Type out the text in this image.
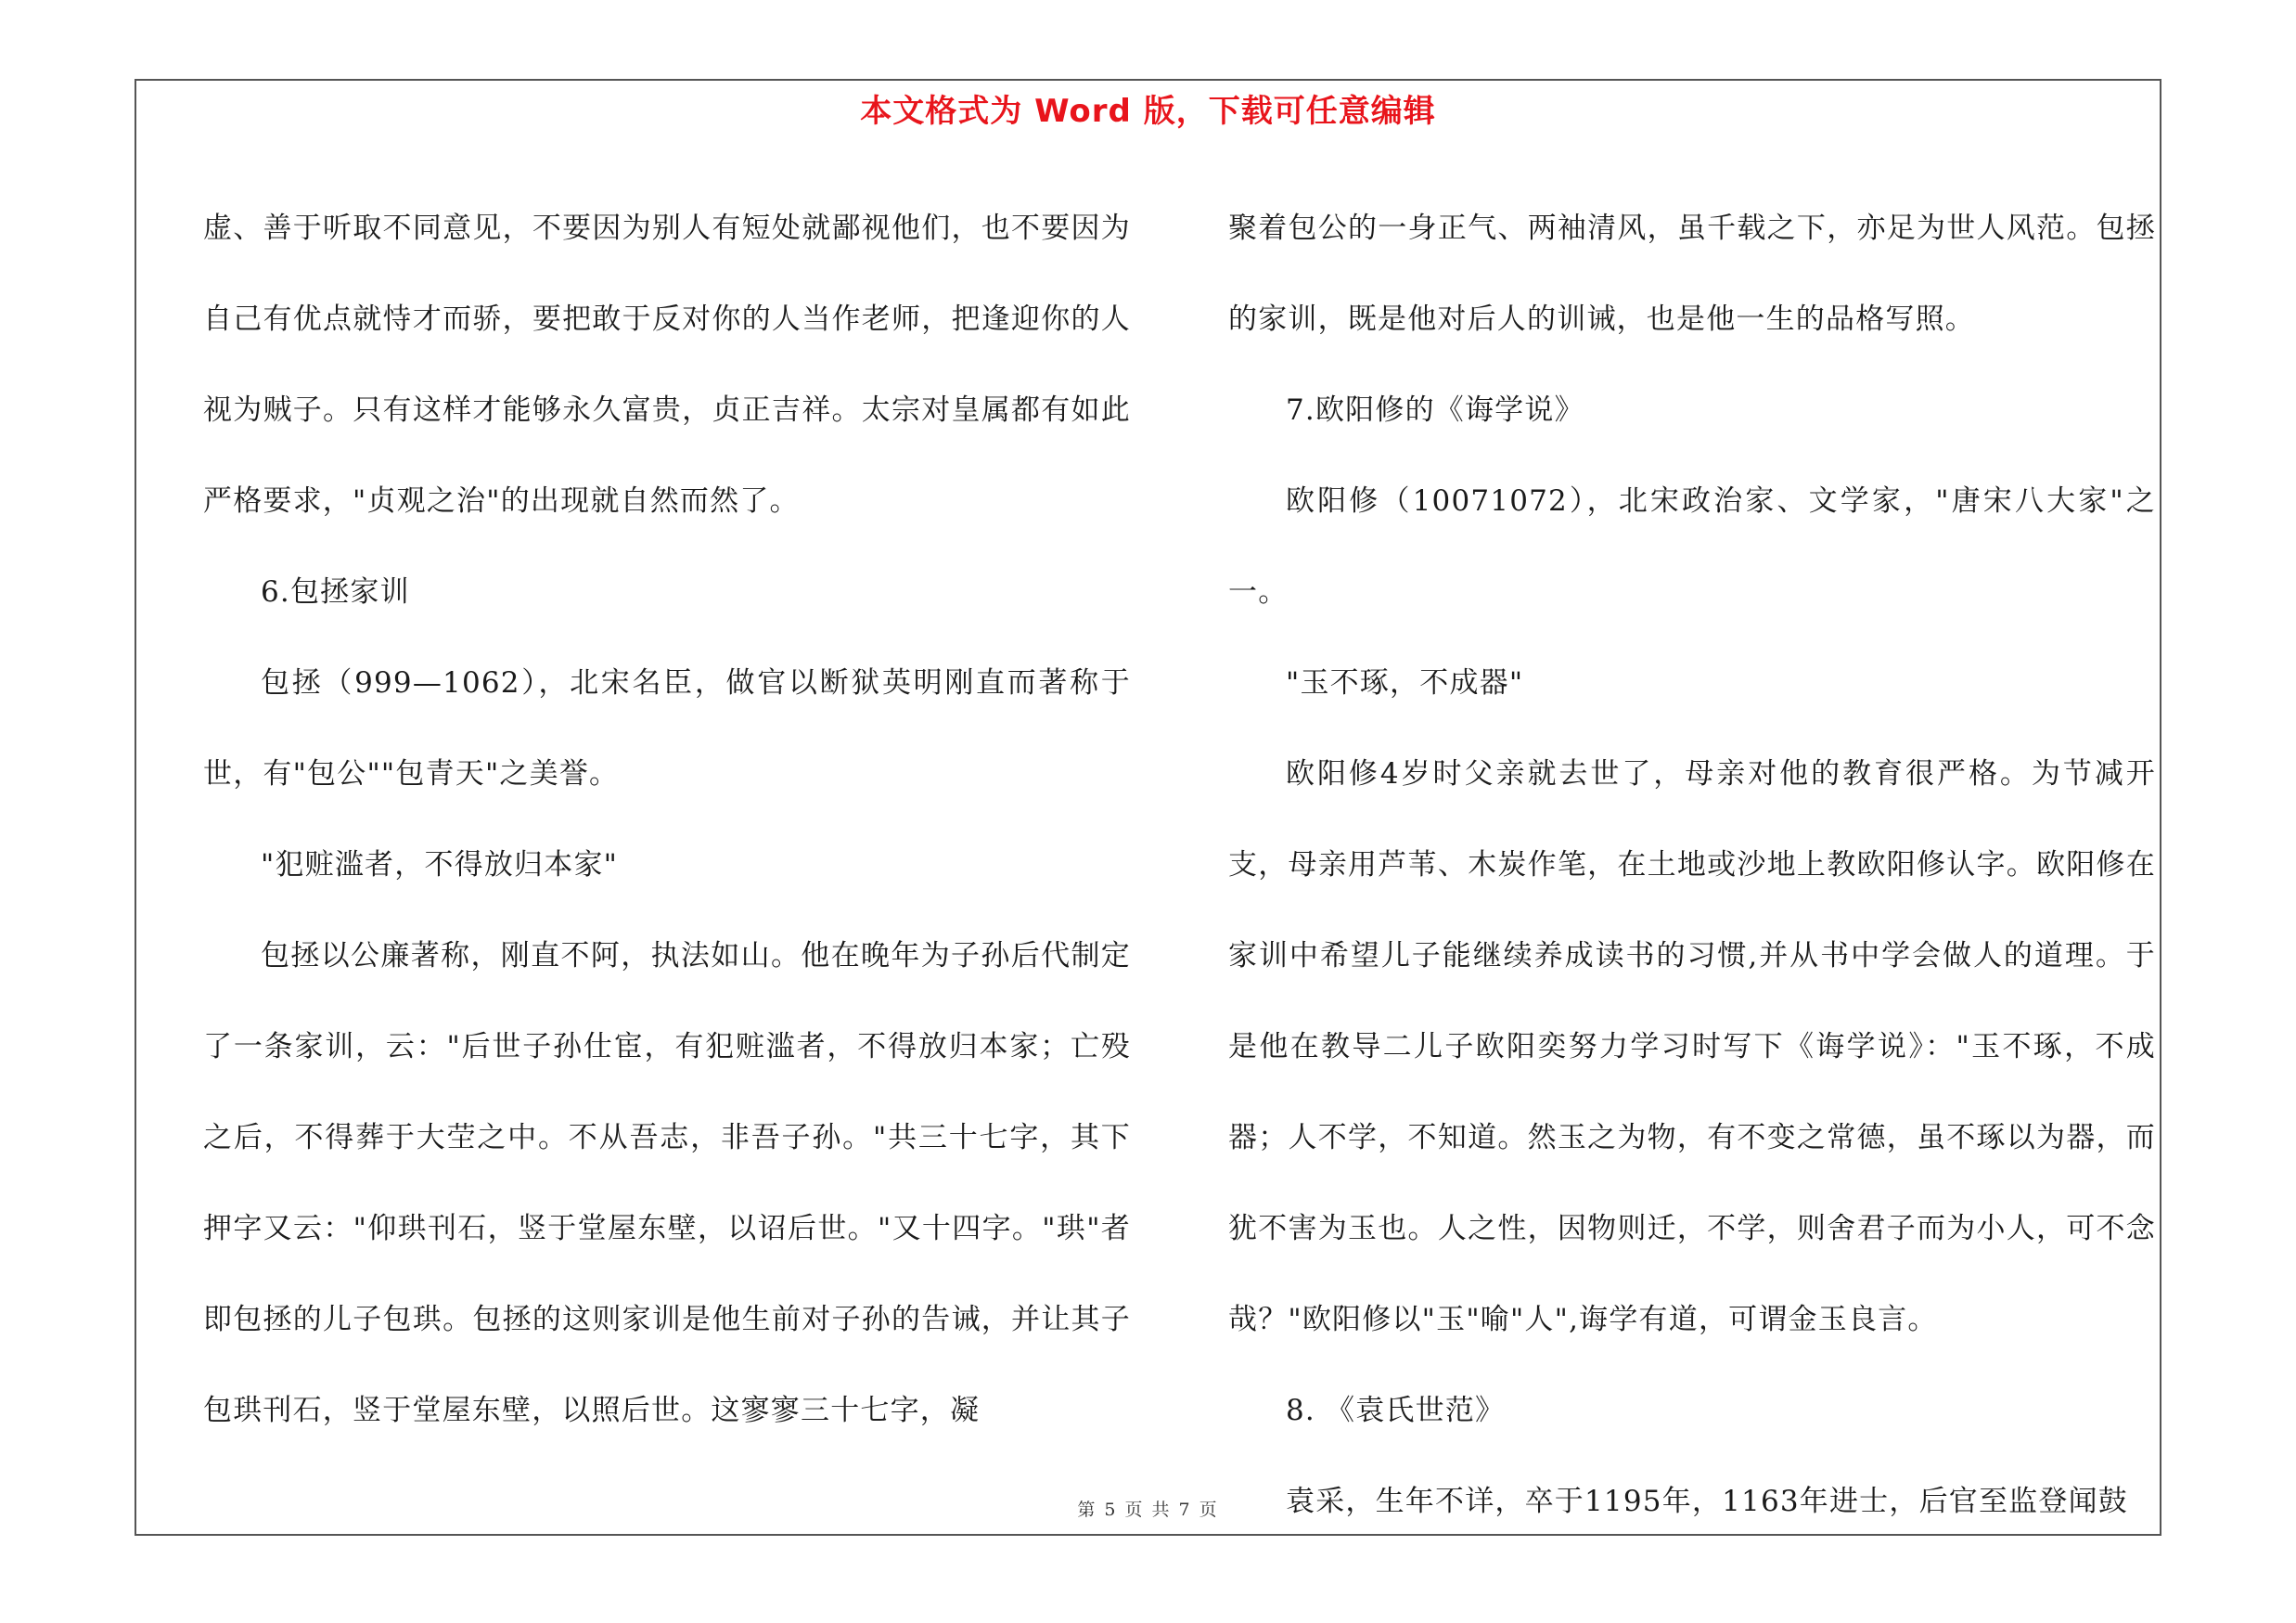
本文格式为 Word 版，下载可任意编辑

虚、善于听取不同意见，不要因为别人有短处就鄙视他们，也不要因为自己有优点就恃才而骄，要把敢于反对你的人当作老师，把逢迎你的人视为贼子。只有这样才能够永久富贵，贞正吉祥。太宗对皇属都有如此严格要求，"贞观之治"的出现就自然而然了。

6.包拯家训

包拯（999—1062），北宋名臣，做官以断狱英明刚直而著称于世，有"包公""包青天"之美誉。

"犯赃滥者，不得放归本家"

包拯以公廉著称，刚直不阿，执法如山。他在晚年为子孙后代制定了一条家训，云："后世子孙仕宦，有犯赃滥者，不得放归本家；亡殁之后，不得葬于大茔之中。不从吾志，非吾子孙。"共三十七字，其下押字又云："仰珙刊石，竖于堂屋东壁，以诏后世。"又十四字。"珙"者即包拯的儿子包珙。包拯的这则家训是他生前对子孙的告诫，并让其子包珙刊石，竖于堂屋东壁，以照后世。这寥寥三十七字，凝

聚着包公的一身正气、两袖清风，虽千载之下，亦足为世人风范。包拯的家训，既是他对后人的训诫，也是他一生的品格写照。

7.欧阳修的《诲学说》

欧阳修（10071072），北宋政治家、文学家，"唐宋八大家"之一。

"玉不琢，不成器"

欧阳修4岁时父亲就去世了，母亲对他的教育很严格。为节减开支，母亲用芦苇、木炭作笔，在土地或沙地上教欧阳修认字。欧阳修在家训中希望儿子能继续养成读书的习惯,并从书中学会做人的道理。于是他在教导二儿子欧阳奕努力学习时写下《诲学说》："玉不琢，不成器；人不学，不知道。然玉之为物，有不变之常德，虽不琢以为器，而犹不害为玉也。人之性，因物则迁，不学，则舍君子而为小人，可不念哉？"欧阳修以"玉"喻"人",诲学有道，可谓金玉良言。

8. 《袁氏世范》

袁采，生年不详，卒于1195年，1163年进士，后官至监登闻鼓

第 5 页 共 7 页
